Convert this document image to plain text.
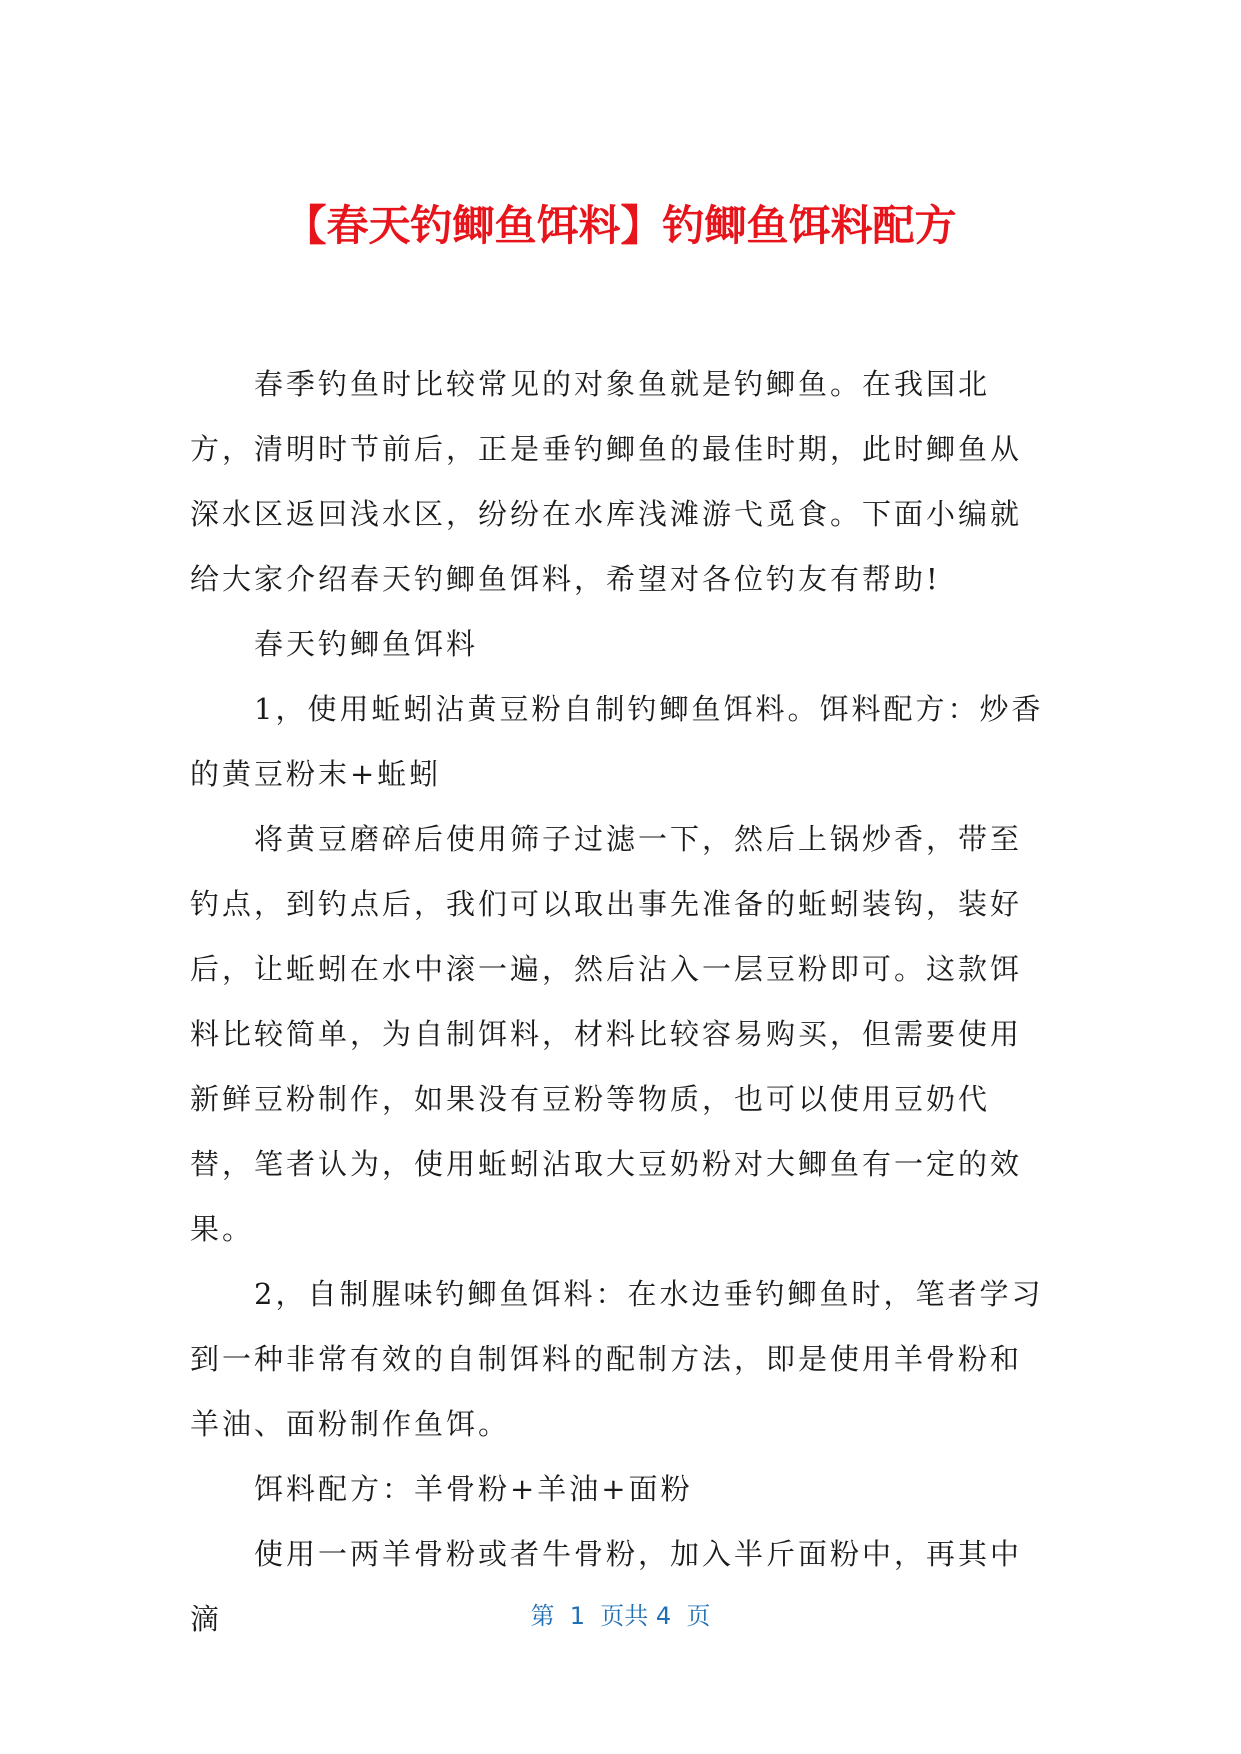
【春天钓鲫鱼饵料】钓鲫鱼饵料配方

春季钓鱼时比较常见的对象鱼就是钓鲫鱼。在我国北方，清明时节前后，正是垂钓鲫鱼的最佳时期，此时鲫鱼从深水区返回浅水区，纷纷在水库浅滩游弋觅食。下面小编就给大家介绍春天钓鲫鱼饵料，希望对各位钓友有帮助!

春天钓鲫鱼饵料

1，使用蚯蚓沾黄豆粉自制钓鲫鱼饵料。饵料配方：炒香的黄豆粉末+蚯蚓

将黄豆磨碎后使用筛子过滤一下，然后上锅炒香，带至钓点，到钓点后，我们可以取出事先准备的蚯蚓装钩，装好后，让蚯蚓在水中滚一遍，然后沾入一层豆粉即可。这款饵料比较简单，为自制饵料，材料比较容易购买，但需要使用新鲜豆粉制作，如果没有豆粉等物质，也可以使用豆奶代替，笔者认为，使用蚯蚓沾取大豆奶粉对大鲫鱼有一定的效果。

2，自制腥味钓鲫鱼饵料：在水边垂钓鲫鱼时，笔者学习到一种非常有效的自制饵料的配制方法，即是使用羊骨粉和羊油、面粉制作鱼饵。

饵料配方：羊骨粉+羊油+面粉

使用一两羊骨粉或者牛骨粉，加入半斤面粉中，再其中滴	第  1  页共 4  页
